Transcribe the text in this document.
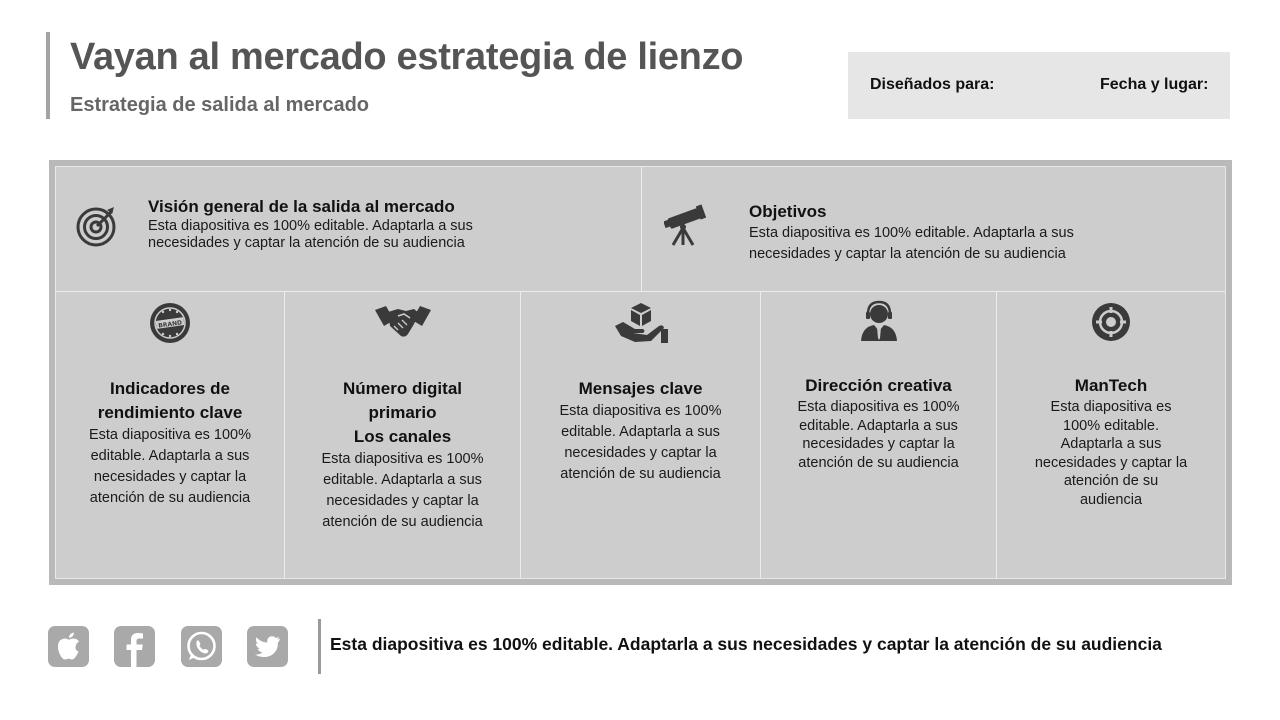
Vayan al mercado estrategia de lienzo
Estrategia de salida al mercado
Diseñados para:	Fecha y lugar:
Visión general de la salida al mercado
Esta diapositiva es 100% editable. Adaptarla a sus necesidades y captar la atención de su audiencia
Objetivos
Esta diapositiva es 100% editable. Adaptarla a sus necesidades y captar la atención de su audiencia
BRAND
Indicadores de rendimiento clave
Esta diapositiva es 100% editable. Adaptarla a sus necesidades y captar la atención de su audiencia
Número digital primario
Los canales
Esta diapositiva es 100% editable. Adaptarla a sus necesidades y captar la atención de su audiencia
Mensajes clave
Esta diapositiva es 100% editable. Adaptarla a sus necesidades y captar la atención de su audiencia
Dirección creativa
Esta diapositiva es 100% editable. Adaptarla a sus necesidades y captar la atención de su audiencia
ManTech
Esta diapositiva es 100% editable. Adaptarla a sus necesidades y captar la atención de su audiencia
Esta diapositiva es 100% editable. Adaptarla a sus necesidades y captar la atención de su audiencia
